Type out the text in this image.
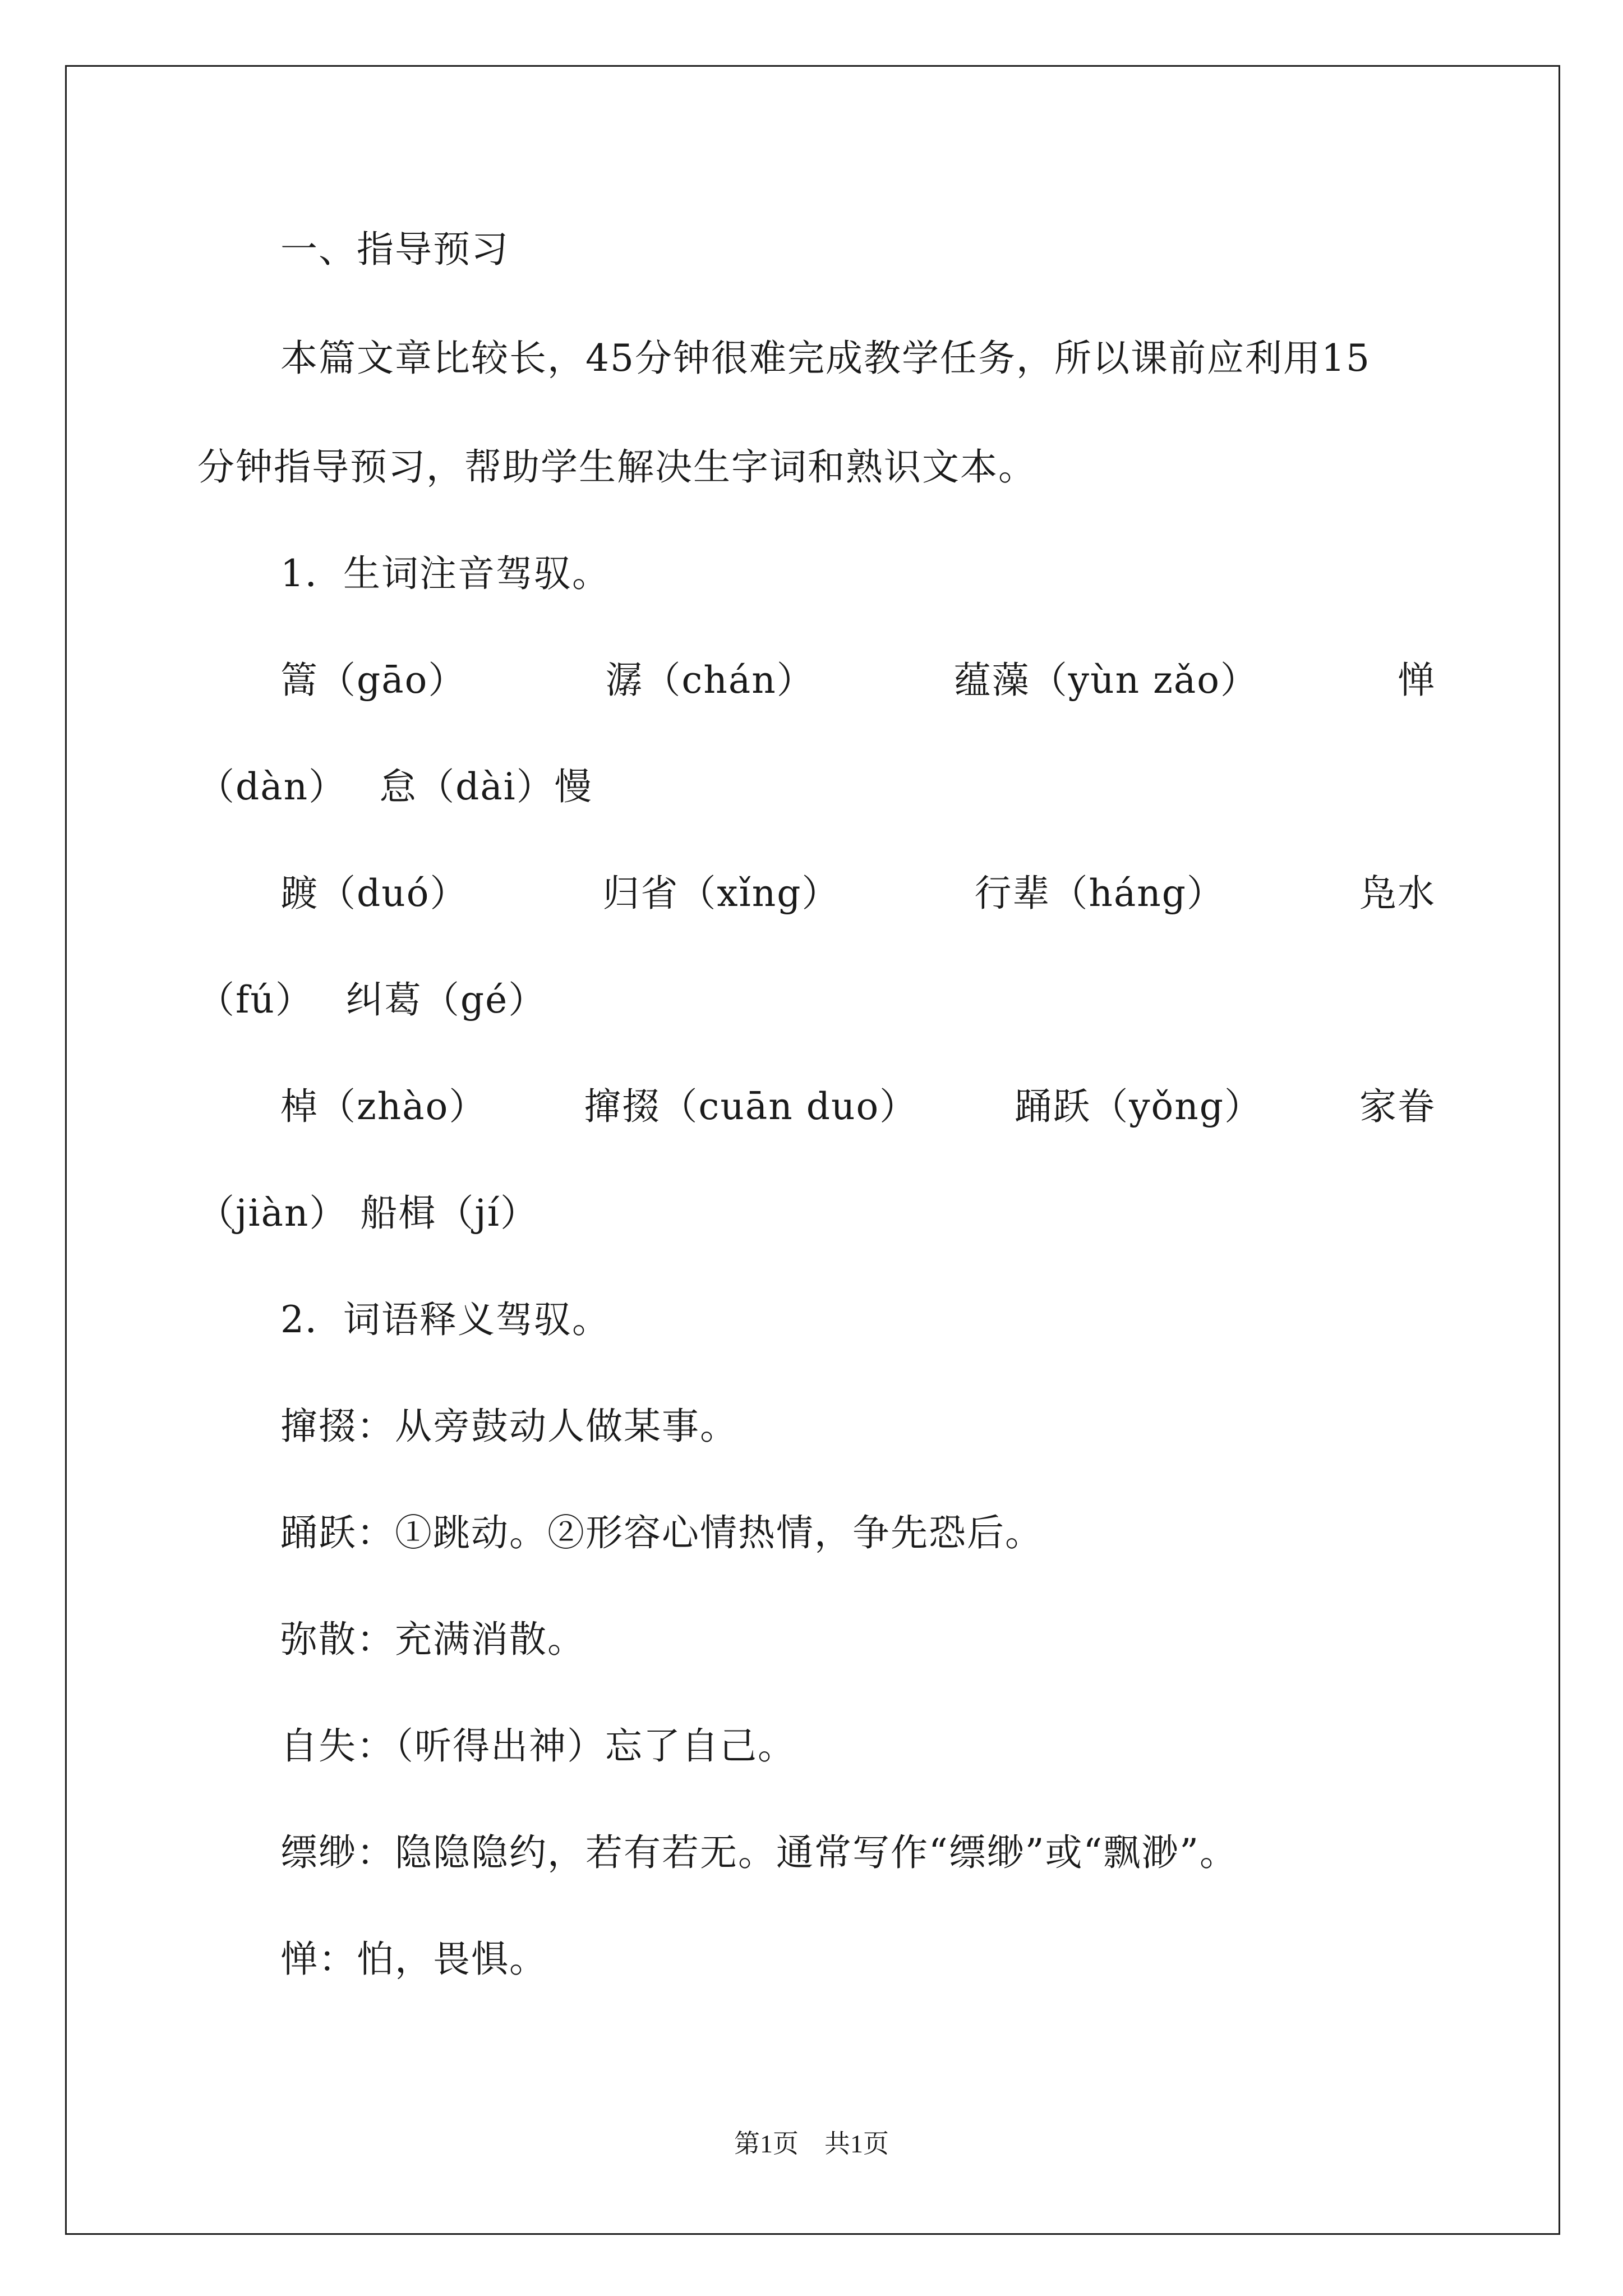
一、指导预习
本篇文章比较长，45分钟很难完成教学任务，所以课前应利用15
分钟指导预习，帮助学生解决生字词和熟识文本。
1．生词注音驾驭。
篙（gāo）	潺（chán）	蕴藻（yùn zǎo）	惮
（dàn）　 怠（dài）慢
踱（duó）	归省（xǐng）	行辈（háng）	凫水
（fú）　 纠葛（gé）
棹（zhào）	撺掇（cuān duo）	踊跃（yǒng）	家眷
（jiàn） 船楫（jí）
2．词语释义驾驭。
撺掇：从旁鼓动人做某事。
踊跃：①跳动。②形容心情热情，争先恐后。
弥散：充满消散。
自失：（听得出神）忘了自己。
缥缈：隐隐隐约，若有若无。通常写作“缥缈”或“飘渺”。
惮：怕，畏惧。
第1页　共1页
